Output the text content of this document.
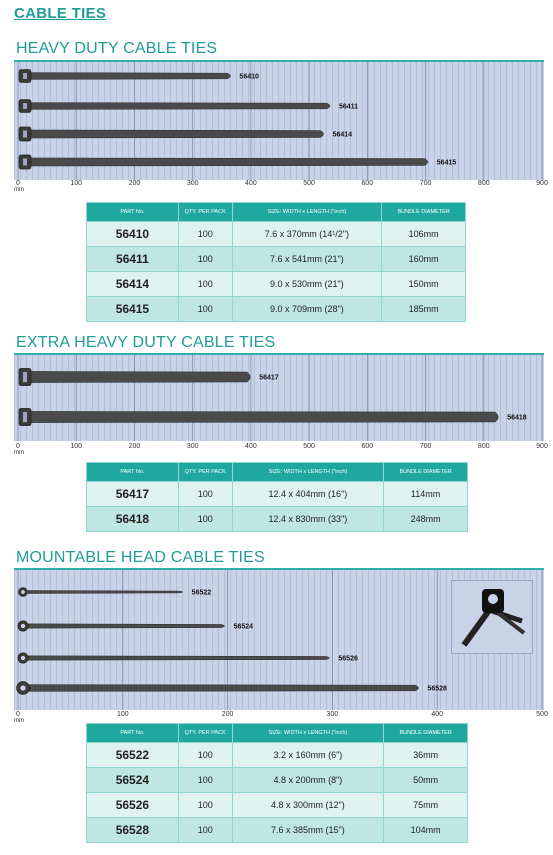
CABLE TIES
HEAVY DUTY CABLE TIES
56410
56411
56414
56415
0	100	200	300	400	500	600	700	800	900
mm
PART No.	QTY. PER PACK	SIZE: WIDTH x LENGTH ("inch)	BUNDLE DIAMETER
56410	100	7.6 x 370mm (14¹/2")	106mm
56411	100	7.6 x 541mm (21")	160mm
56414	100	9.0 x 530mm (21")	150mm
56415	100	9.0 x 709mm (28")	185mm
EXTRA HEAVY DUTY CABLE TIES
56417
56418
0	100	200	300	400	500	600	700	800	900
mm
PART No.	QTY. PER PACK	SIZE: WIDTH x LENGTH ("inch)	BUNDLE DIAMETER
56417	100	12.4 x 404mm (16")	114mm
56418	100	12.4 x 830mm (33")	248mm
MOUNTABLE HEAD CABLE TIES
56522
56524
56526
56528
0	100	200	300	400	500
mm
PART No.	QTY. PER PACK	SIZE: WIDTH x LENGTH ("inch)	BUNDLE DIAMETER
56522	100	3.2 x 160mm (6")	36mm
56524	100	4.8 x 200mm (8")	50mm
56526	100	4.8 x 300mm (12")	75mm
56528	100	7.6 x 385mm (15")	104mm
